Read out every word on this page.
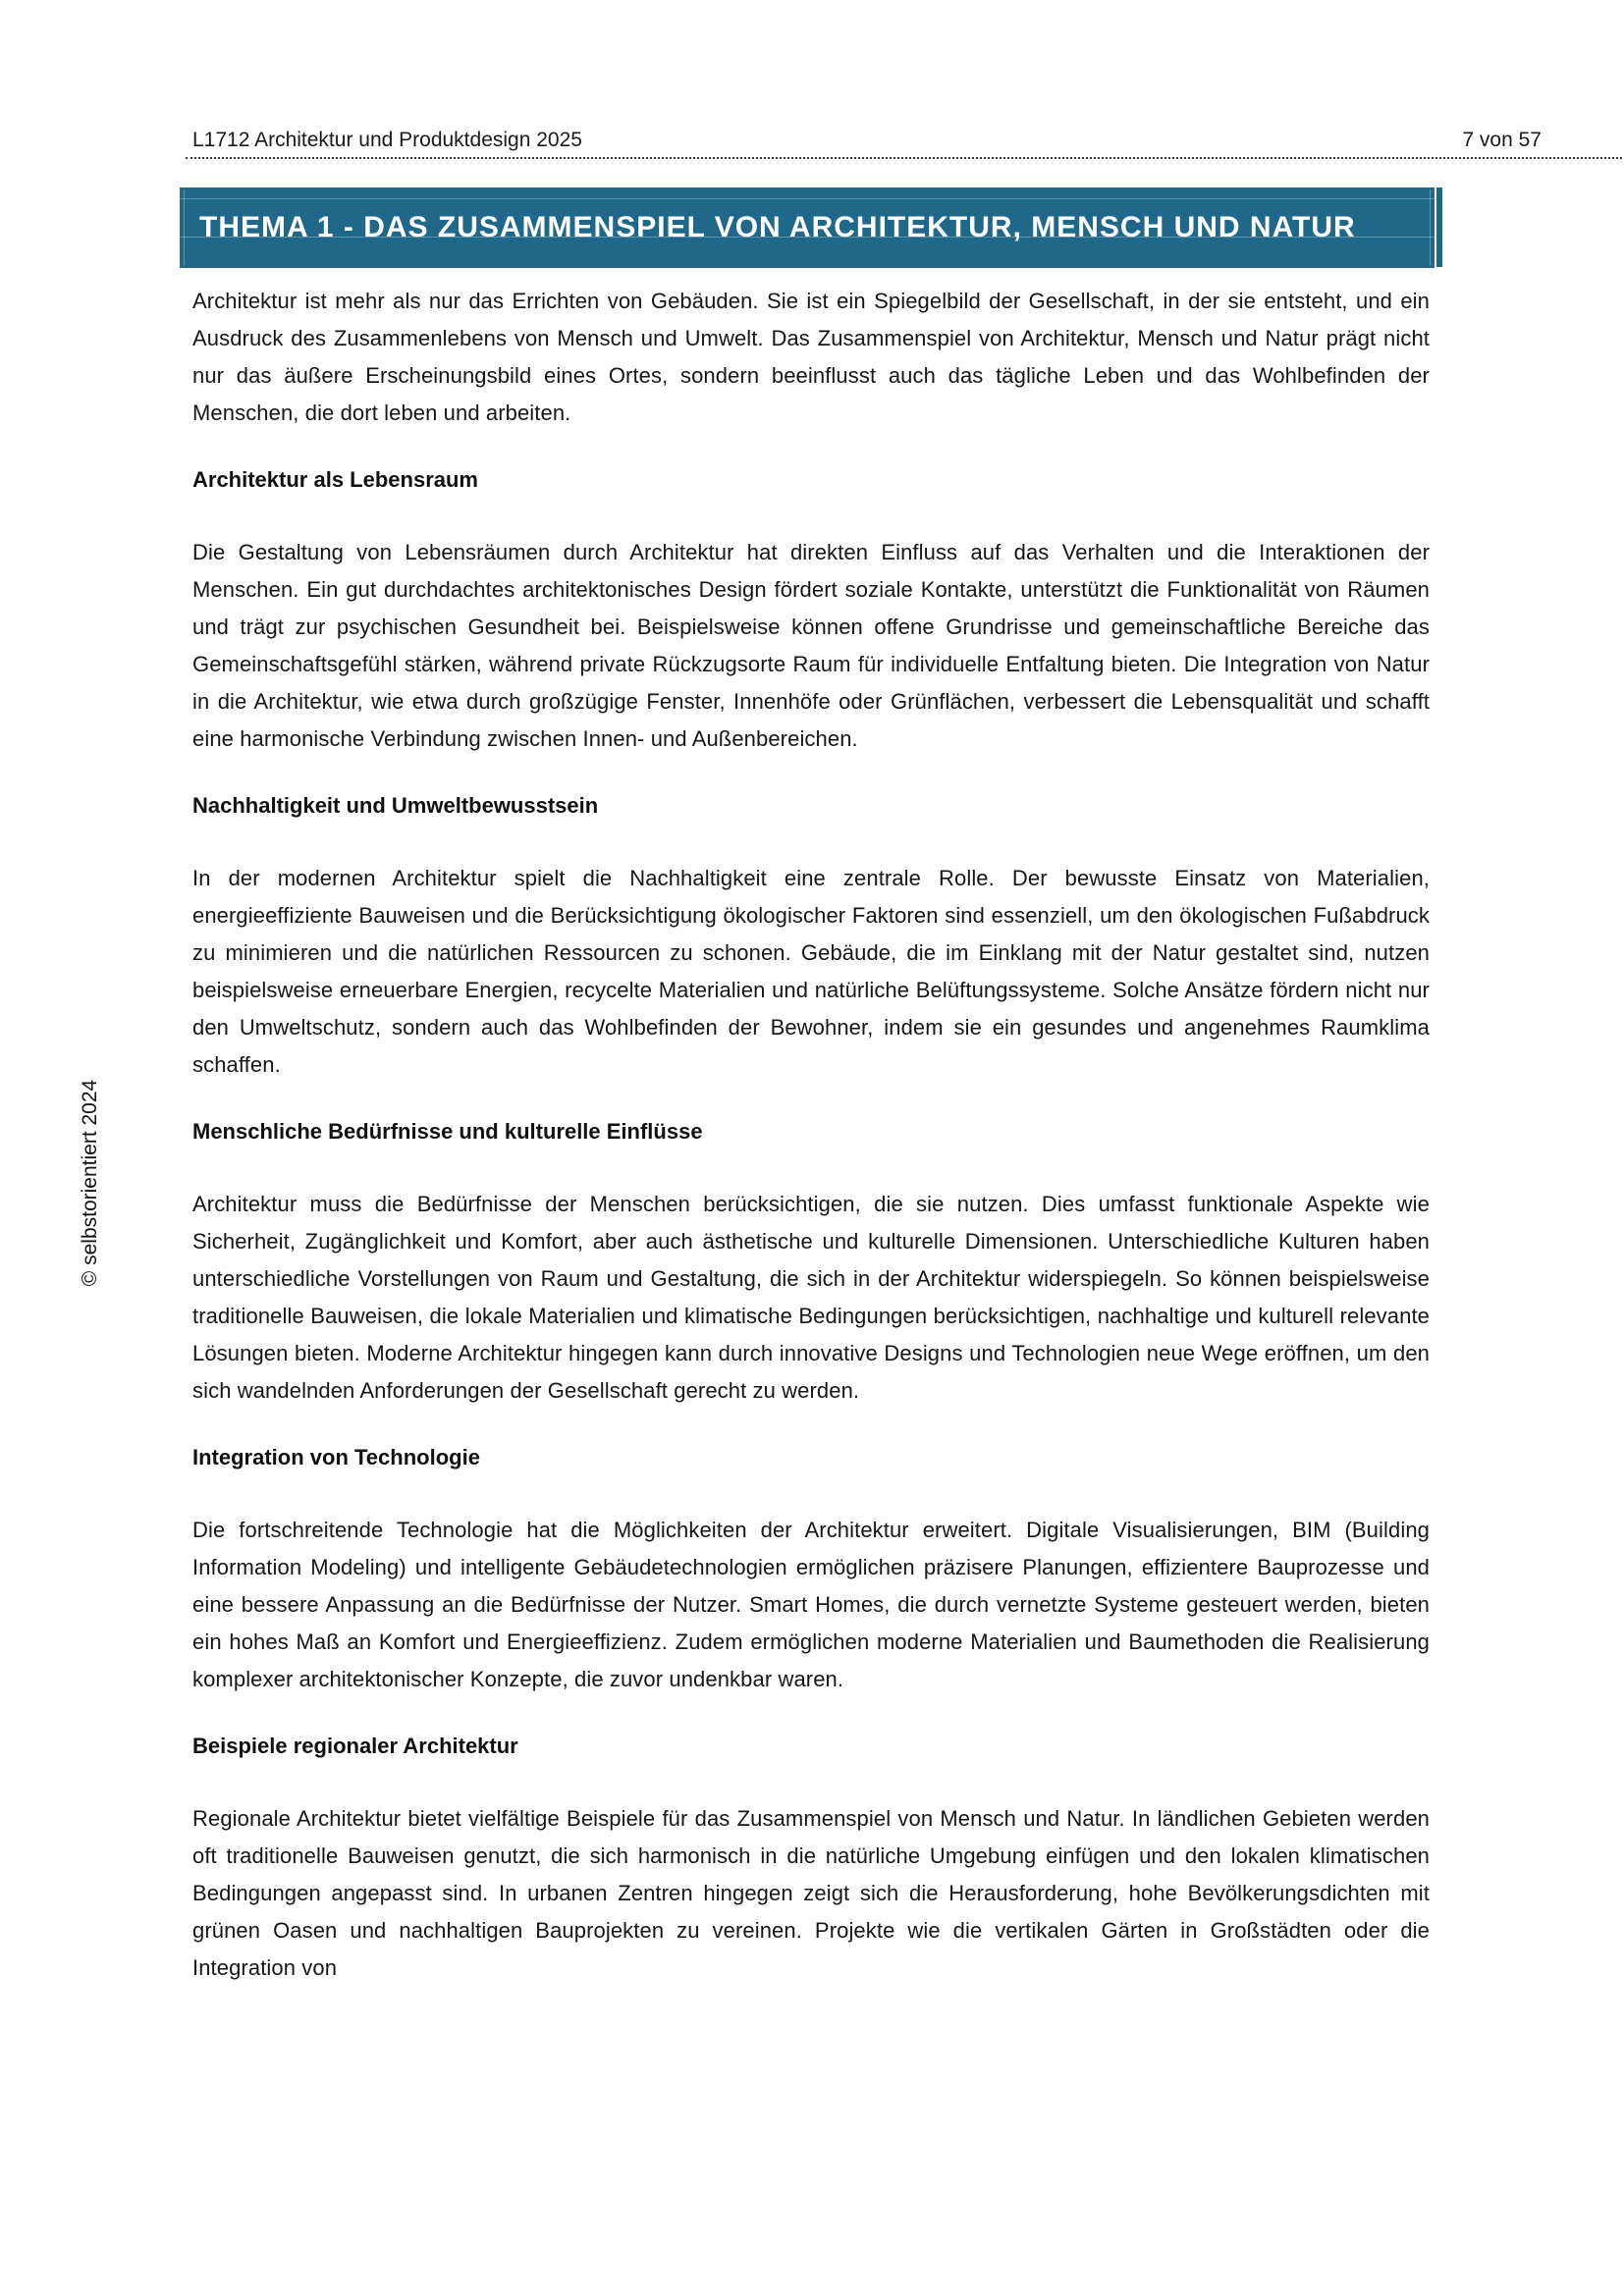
L1712 Architektur und Produktdesign 2025	7 von 57
THEMA 1 - DAS ZUSAMMENSPIEL VON ARCHITEKTUR, MENSCH UND NATUR
© selbstorientiert 2024

Architektur ist mehr als nur das Errichten von Gebäuden. Sie ist ein Spiegelbild der Gesellschaft, in der sie entsteht, und ein Ausdruck des Zusammenlebens von Mensch und Umwelt. Das Zusammenspiel von Architektur, Mensch und Natur prägt nicht nur das äußere Erscheinungsbild eines Ortes, sondern beeinflusst auch das tägliche Leben und das Wohlbefinden der Menschen, die dort leben und arbeiten.

Architektur als Lebensraum

Die Gestaltung von Lebensräumen durch Architektur hat direkten Einfluss auf das Verhalten und die Interaktionen der Menschen. Ein gut durchdachtes architektonisches Design fördert soziale Kontakte, unterstützt die Funktionalität von Räumen und trägt zur psychischen Gesundheit bei. Beispielsweise können offene Grundrisse und gemeinschaftliche Bereiche das Gemeinschaftsgefühl stärken, während private Rückzugsorte Raum für individuelle Entfaltung bieten. Die Integration von Natur in die Architektur, wie etwa durch großzügige Fenster, Innenhöfe oder Grünflächen, verbessert die Lebensqualität und schafft eine harmonische Verbindung zwischen Innen- und Außenbereichen.

Nachhaltigkeit und Umweltbewusstsein

In der modernen Architektur spielt die Nachhaltigkeit eine zentrale Rolle. Der bewusste Einsatz von Materialien, energieeffiziente Bauweisen und die Berücksichtigung ökologischer Faktoren sind essenziell, um den ökologischen Fußabdruck zu minimieren und die natürlichen Ressourcen zu schonen. Gebäude, die im Einklang mit der Natur gestaltet sind, nutzen beispielsweise erneuerbare Energien, recycelte Materialien und natürliche Belüftungssysteme. Solche Ansätze fördern nicht nur den Umweltschutz, sondern auch das Wohlbefinden der Bewohner, indem sie ein gesundes und angenehmes Raumklima schaffen.

Menschliche Bedürfnisse und kulturelle Einflüsse

Architektur muss die Bedürfnisse der Menschen berücksichtigen, die sie nutzen. Dies umfasst funktionale Aspekte wie Sicherheit, Zugänglichkeit und Komfort, aber auch ästhetische und kulturelle Dimensionen. Unterschiedliche Kulturen haben unterschiedliche Vorstellungen von Raum und Gestaltung, die sich in der Architektur widerspiegeln. So können beispielsweise traditionelle Bauweisen, die lokale Materialien und klimatische Bedingungen berücksichtigen, nachhaltige und kulturell relevante Lösungen bieten. Moderne Architektur hingegen kann durch innovative Designs und Technologien neue Wege eröffnen, um den sich wandelnden Anforderungen der Gesellschaft gerecht zu werden.

Integration von Technologie

Die fortschreitende Technologie hat die Möglichkeiten der Architektur erweitert. Digitale Visualisierungen, BIM (Building Information Modeling) und intelligente Gebäudetechnologien ermöglichen präzisere Planungen, effizientere Bauprozesse und eine bessere Anpassung an die Bedürfnisse der Nutzer. Smart Homes, die durch vernetzte Systeme gesteuert werden, bieten ein hohes Maß an Komfort und Energieeffizienz. Zudem ermöglichen moderne Materialien und Baumethoden die Realisierung komplexer architektonischer Konzepte, die zuvor undenkbar waren.

Beispiele regionaler Architektur

Regionale Architektur bietet vielfältige Beispiele für das Zusammenspiel von Mensch und Natur. In ländlichen Gebieten werden oft traditionelle Bauweisen genutzt, die sich harmonisch in die natürliche Umgebung einfügen und den lokalen klimatischen Bedingungen angepasst sind. In urbanen Zentren hingegen zeigt sich die Herausforderung, hohe Bevölkerungsdichten mit grünen Oasen und nachhaltigen Bauprojekten zu vereinen. Projekte wie die vertikalen Gärten in Großstädten oder die Integration von
